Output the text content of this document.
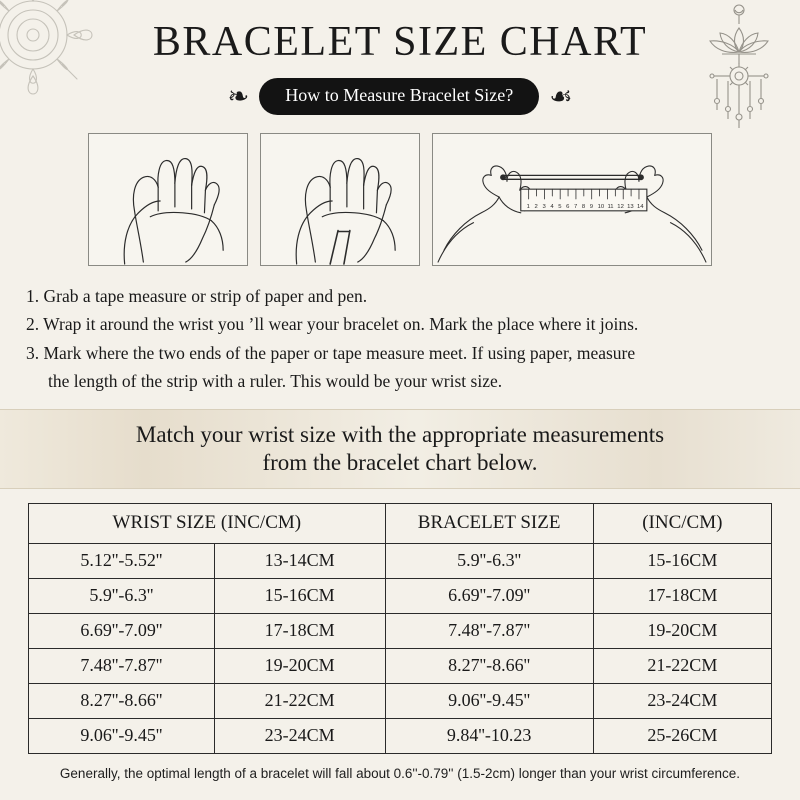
BRACELET SIZE CHART
❧	How to Measure Bracelet Size?	☙
1 2 3 4 5 6 7 8 9 10 11 12 13 14
1. Grab a tape measure or strip of paper and pen.
2. Wrap it around the wrist you ’ll wear your bracelet on. Mark the place where it joins.
3. Mark where the two ends of the paper or tape measure meet. If using paper, measure
the length of the strip with a ruler. This would be your wrist size.
Match your wrist size with the appropriate measurements
from the bracelet chart below.
WRIST SIZE (INC/CM)		BRACELET SIZE	(INC/CM)
5.12''-5.52''	13-14CM	5.9''-6.3''	15-16CM
5.9''-6.3''	15-16CM	6.69''-7.09''	17-18CM
6.69''-7.09''	17-18CM	7.48''-7.87''	19-20CM
7.48''-7.87''	19-20CM	8.27''-8.66''	21-22CM
8.27''-8.66''	21-22CM	9.06''-9.45''	23-24CM
9.06''-9.45''	23-24CM	9.84''-10.23	25-26CM
Generally, the optimal length of a bracelet will fall about 0.6''-0.79'' (1.5-2cm) longer than your wrist circumference.
